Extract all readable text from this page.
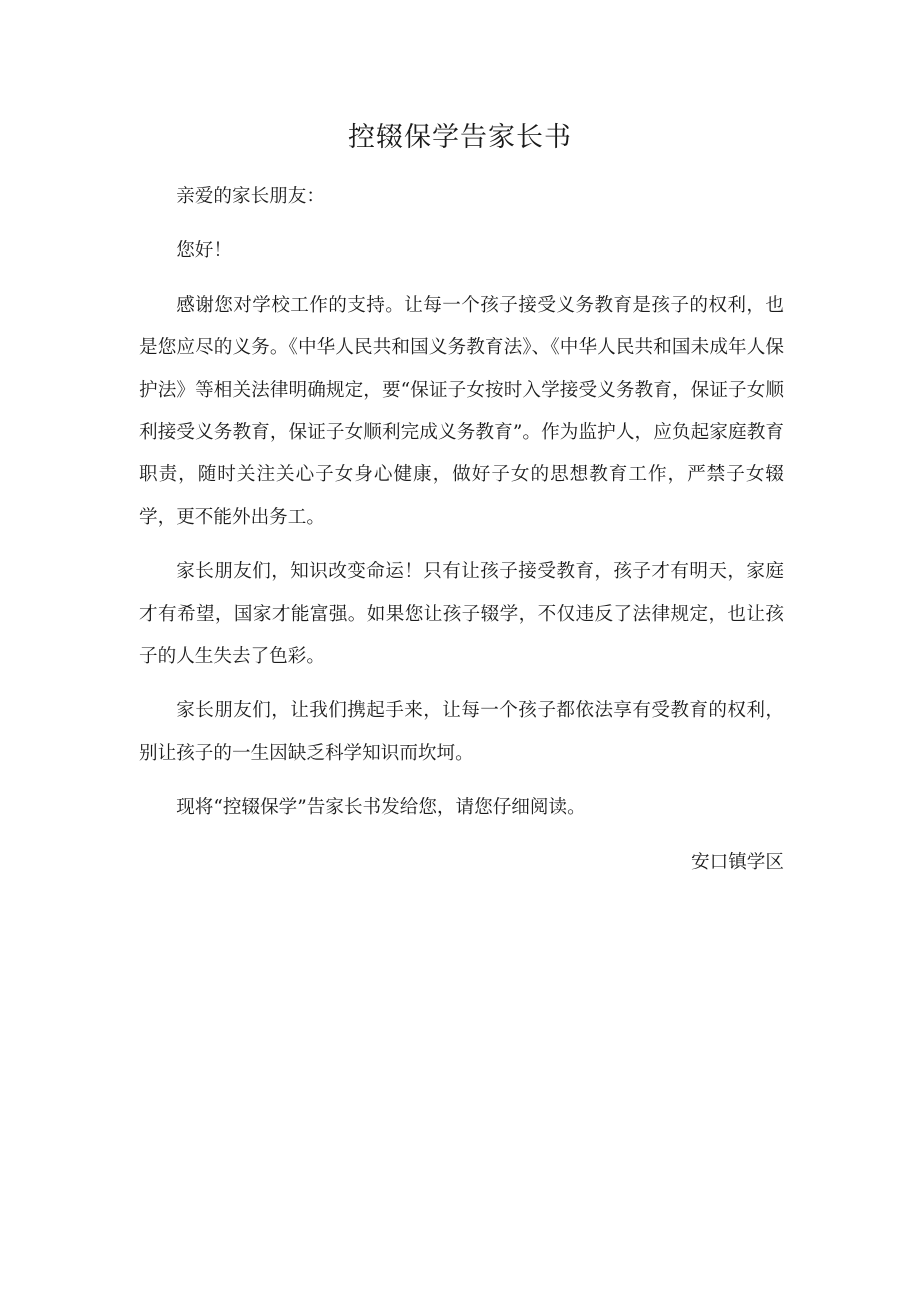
控辍保学告家长书

亲爱的家长朋友：

您好！

感谢您对学校工作的支持。让每一个孩子接受义务教育是孩子的权利，也是您应尽的义务。《中华人民共和国义务教育法》、《中华人民共和国未成年人保护法》等相关法律明确规定，要“保证子女按时入学接受义务教育，保证子女顺利接受义务教育，保证子女顺利完成义务教育”。作为监护人，应负起家庭教育职责，随时关注关心子女身心健康，做好子女的思想教育工作，严禁子女辍学，更不能外出务工。

家长朋友们，知识改变命运！只有让孩子接受教育，孩子才有明天，家庭才有希望，国家才能富强。如果您让孩子辍学，不仅违反了法律规定，也让孩子的人生失去了色彩。

家长朋友们，让我们携起手来，让每一个孩子都依法享有受教育的权利，别让孩子的一生因缺乏科学知识而坎坷。

现将“控辍保学”告家长书发给您，请您仔细阅读。

安口镇学区
